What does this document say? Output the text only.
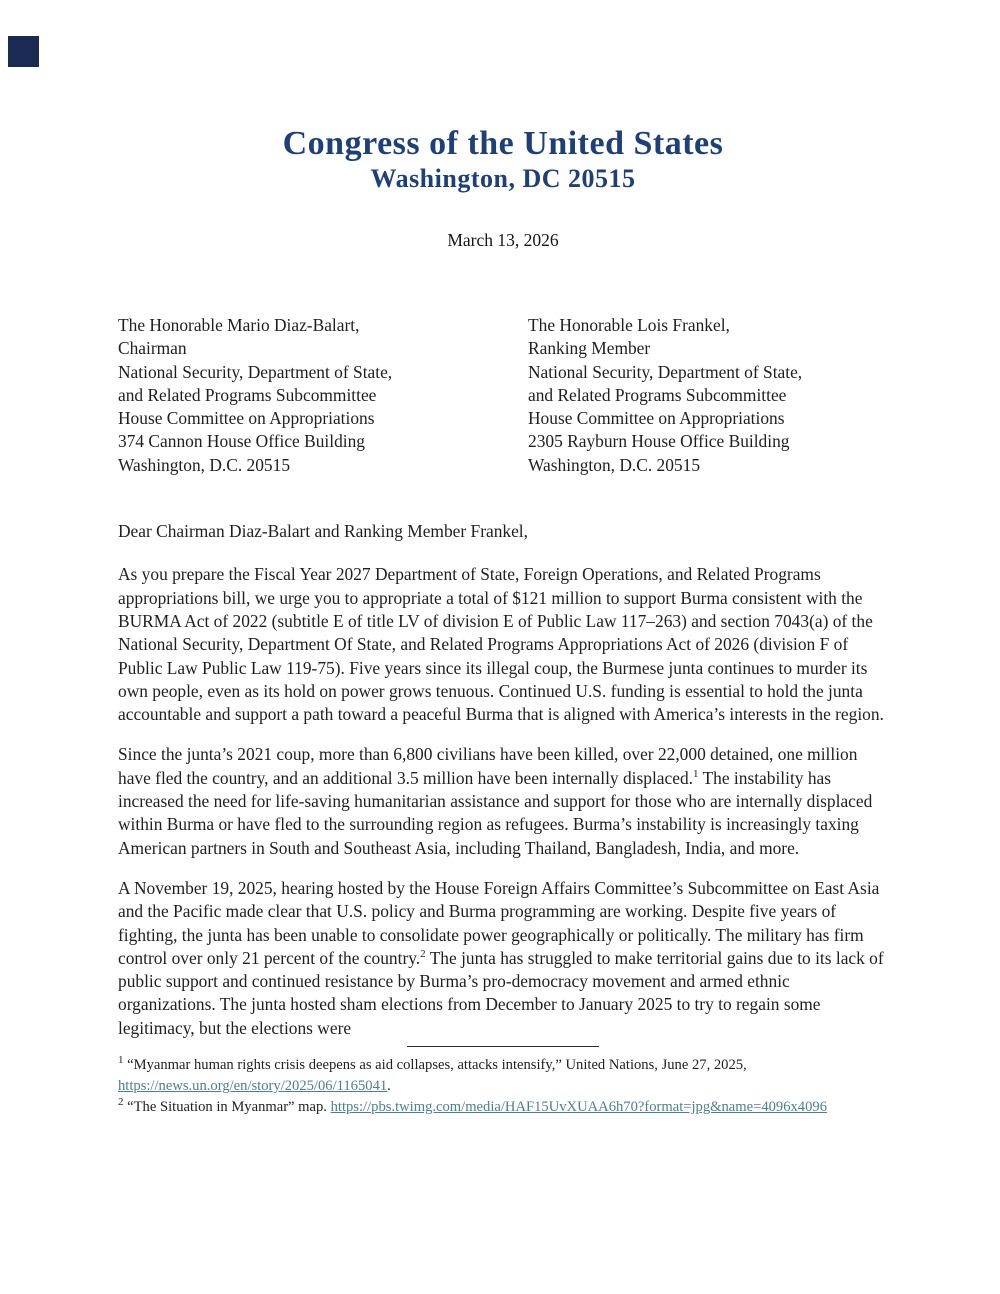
Congress of the United States
Washington, DC 20515
March 13, 2026
The Honorable Mario Diaz-Balart,
Chairman
National Security, Department of State,
and Related Programs Subcommittee
House Committee on Appropriations
374 Cannon House Office Building
Washington, D.C. 20515
The Honorable Lois Frankel,
Ranking Member
National Security, Department of State,
and Related Programs Subcommittee
House Committee on Appropriations
2305 Rayburn House Office Building
Washington, D.C. 20515
Dear Chairman Diaz-Balart and Ranking Member Frankel,

As you prepare the Fiscal Year 2027 Department of State, Foreign Operations, and Related Programs appropriations bill, we urge you to appropriate a total of $121 million to support Burma consistent with the BURMA Act of 2022 (subtitle E of title LV of division E of Public Law 117–263) and section 7043(a) of the National Security, Department Of State, and Related Programs Appropriations Act of 2026 (division F of Public Law Public Law 119-75). Five years since its illegal coup, the Burmese junta continues to murder its own people, even as its hold on power grows tenuous. Continued U.S. funding is essential to hold the junta accountable and support a path toward a peaceful Burma that is aligned with America’s interests in the region.

Since the junta’s 2021 coup, more than 6,800 civilians have been killed, over 22,000 detained, one million have fled the country, and an additional 3.5 million have been internally displaced.$^1$ The instability has increased the need for life-saving humanitarian assistance and support for those who are internally displaced within Burma or have fled to the surrounding region as refugees. Burma’s instability is increasingly taxing American partners in South and Southeast Asia, including Thailand, Bangladesh, India, and more.

A November 19, 2025, hearing hosted by the House Foreign Affairs Committee’s Subcommittee on East Asia and the Pacific made clear that U.S. policy and Burma programming are working. Despite five years of fighting, the junta has been unable to consolidate power geographically or politically. The military has firm control over only 21 percent of the country.$^2$ The junta has struggled to make territorial gains due to its lack of public support and continued resistance by Burma’s pro-democracy movement and armed ethnic organizations. The junta hosted sham elections from December to January 2025 to try to regain some legitimacy, but the elections were

$^1$ “Myanmar human rights crisis deepens as aid collapses, attacks intensify,” United Nations, June 27, 2025, https://news.un.org/en/story/2025/06/1165041.
$^2$ “The Situation in Myanmar” map. https://pbs.twimg.com/media/HAF15UvXUAA6h70?format=jpg&name=4096x4096
